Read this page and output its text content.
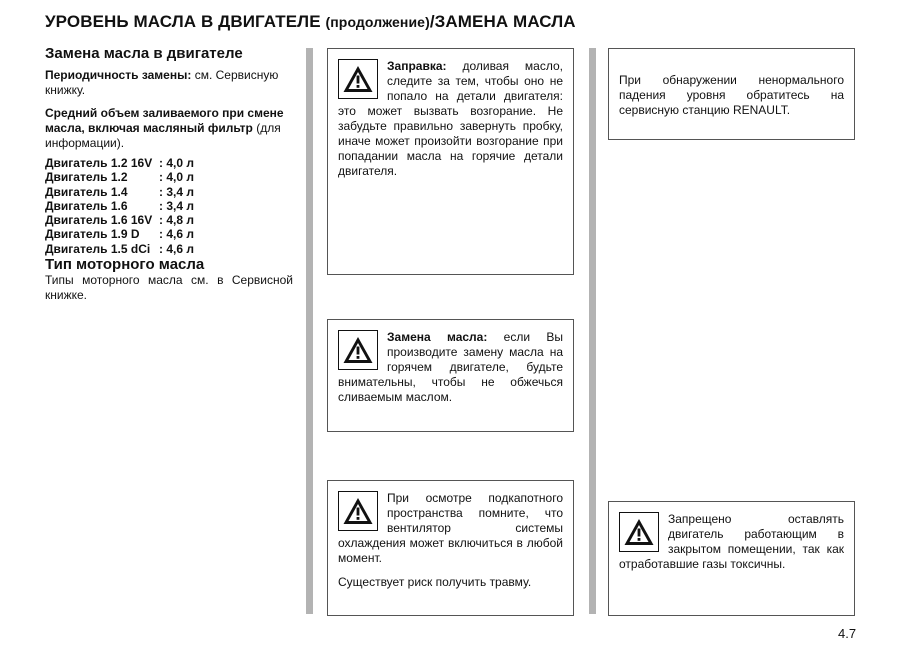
УРОВЕНЬ МАСЛА В ДВИГАТЕЛЕ (продолжение)/ЗАМЕНА МАСЛА
Замена масла в двигателе

Периодичность замены: см. Сервисную книжку.

Средний объем заливаемого при смене масла, включая масляный фильтр (для информации).

Двигатель 1.2 16V : 4,0 л
Двигатель 1.2	: 4,0 л
Двигатель 1.4	: 3,4 л
Двигатель 1.6	: 3,4 л
Двигатель 1.6 16V : 4,8 л
Двигатель 1.9 D : 4,6 л
Двигатель 1.5 dCi : 4,6 л
Тип моторного масла

Типы моторного масла см. в Сервисной книжке.

Заправка: доливая масло, следите за тем, чтобы оно не попало на детали двигателя: это может вызвать возгорание. Не забудьте правильно завернуть пробку, иначе может произойти возгорание при попадании масла на горячие детали двигателя.

Замена масла: если Вы производите замену масла на горячем двигателе, будьте внимательны, чтобы не обжечься сливаемым маслом.

При осмотре подкапотного пространства помните, что вентилятор системы охлаждения может включиться в любой момент.

Существует риск получить травму.

При обнаружении ненормального падения уровня обратитесь на сервисную станцию RENAULT.

Запрещено оставлять двигатель работающим в закрытом помещении, так как отработавшие газы токсичны.

4.7
